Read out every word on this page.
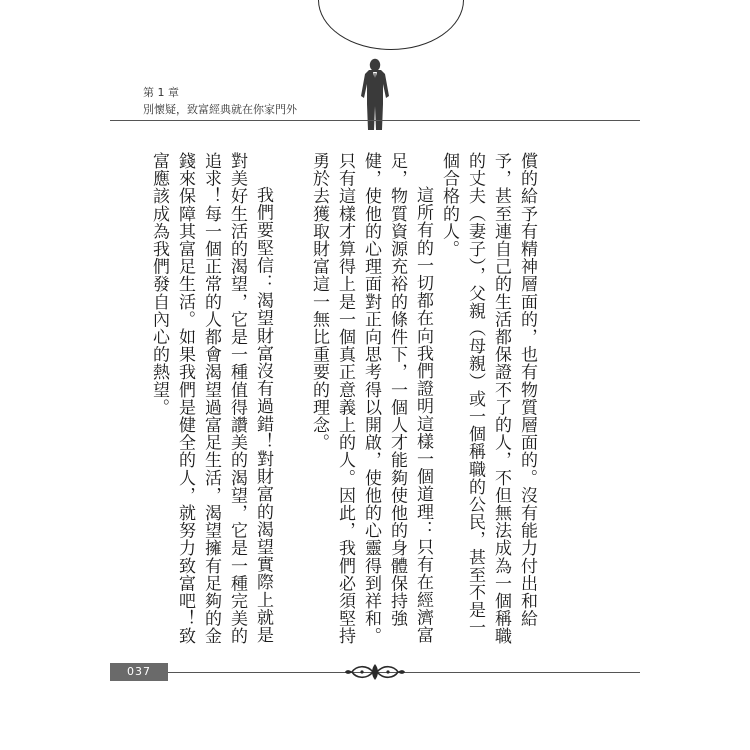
第 1 章
別懷疑，致富經典就在你家門外

償的給予有精神層面的，也有物質層面的。沒有能力付出和給予，甚至連自己的生活都保證不了的人，不但無法成為一個稱職的丈夫（妻子），父親（母親）或一個稱職的公民，甚至不是一個合格的人。

這所有的一切都在向我們證明這樣一個道理：只有在經濟富足，物質資源充裕的條件下，一個人才能夠使他的身體保持強健，使他的心理面對正向思考得以開啟，使他的心靈得到祥和。只有這樣才算得上是一個真正意義上的人。因此，我們必須堅持勇於去獲取財富這一無比重要的理念。

我們要堅信：渴望財富沒有過錯！對財富的渴望實際上就是對美好生活的渴望，它是一種值得讚美的渴望，它是一種完美的追求！每一個正常的人都會渴望過富足生活，渴望擁有足夠的金錢來保障其富足生活。如果我們是健全的人，就努力致富吧！致富應該成為我們發自內心的熱望。

037
